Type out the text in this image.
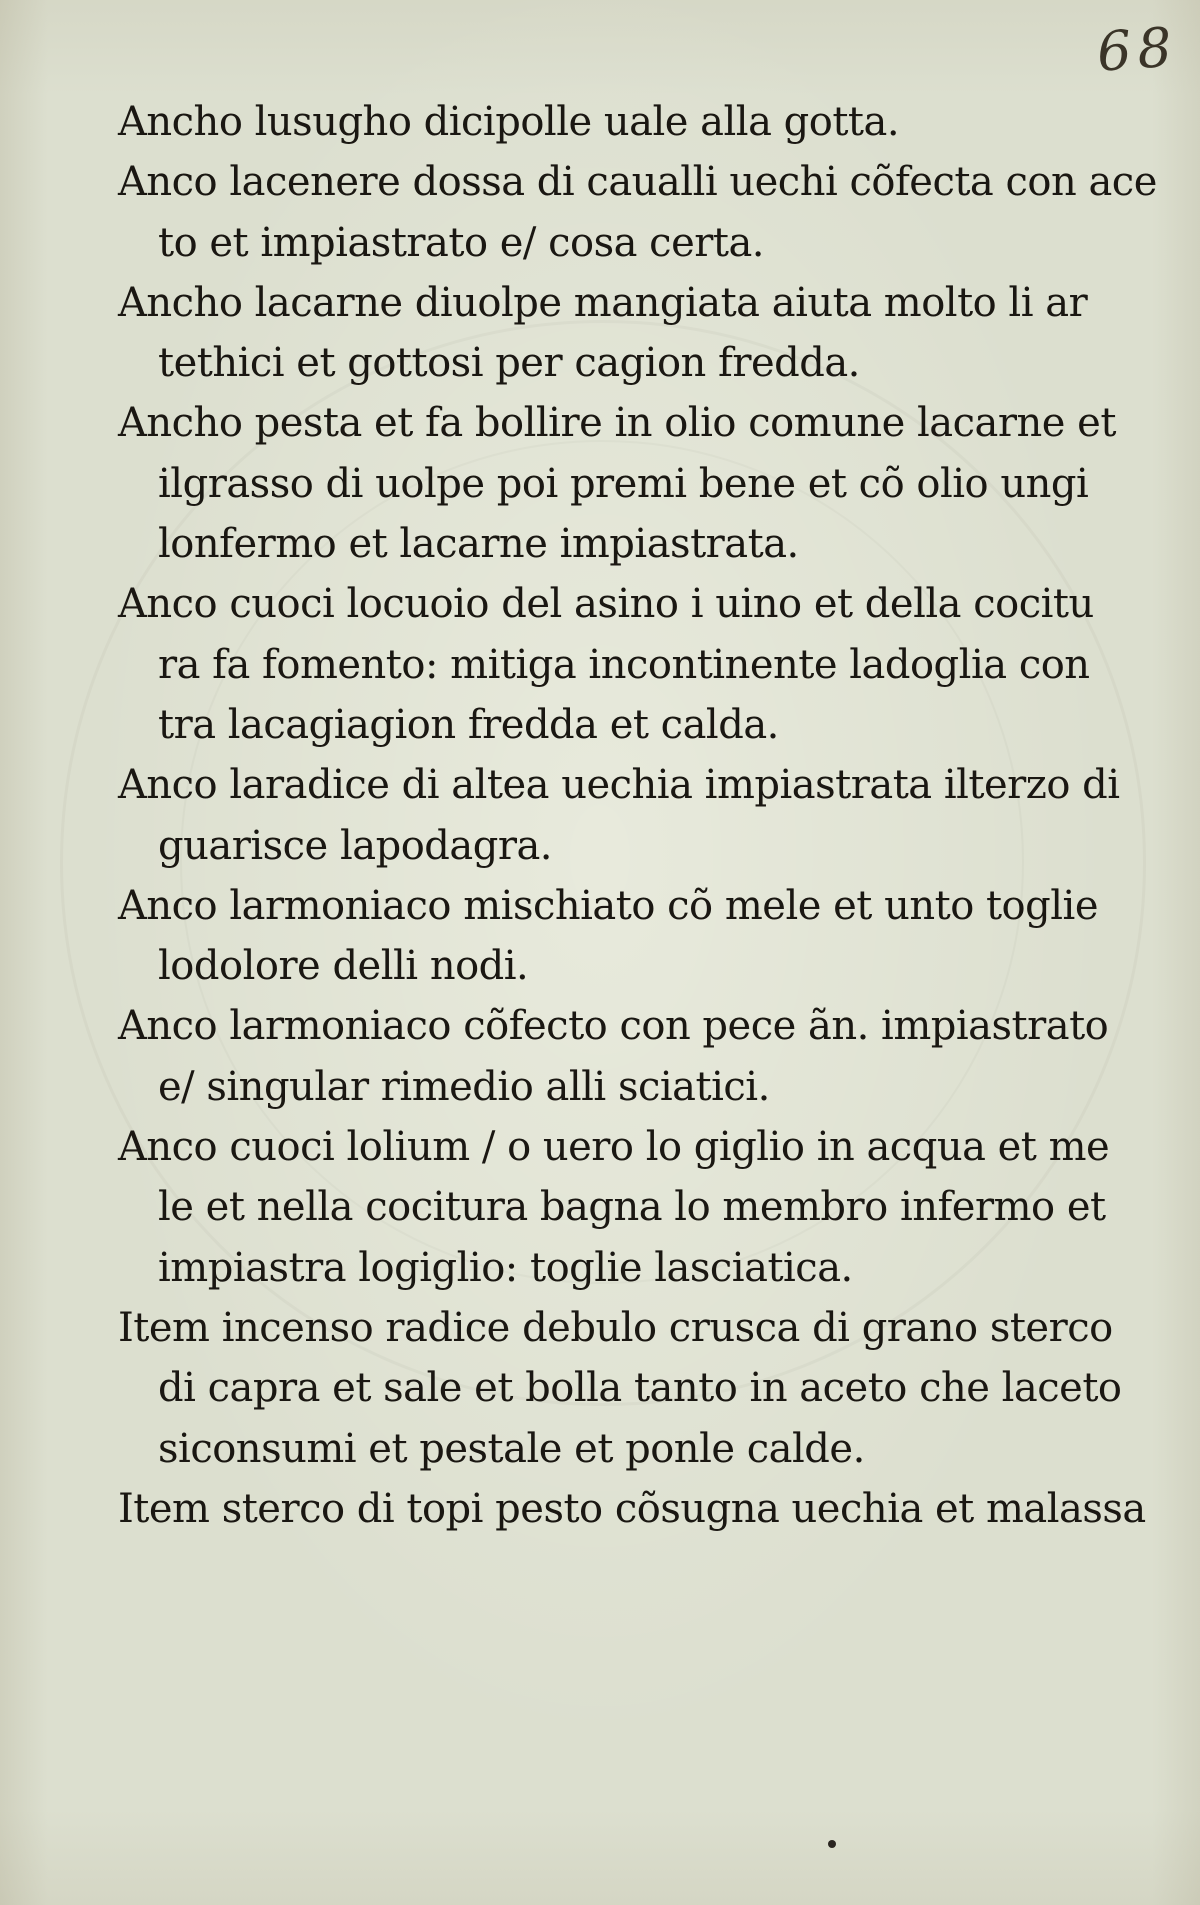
68
Ancho lusugho dicipolle uale alla gotta.
Anco lacenere dossa di caualli uechi cõfecta con ace
to et impiastrato e/ cosa certa.
Ancho lacarne diuolpe mangiata aiuta molto li ar
tethici et gottosi per cagion fredda.
Ancho pesta et fa bollire in olio comune lacarne et
ilgrasso di uolpe poi premi bene et cõ olio ungi
lonfermo et lacarne impiastrata.
Anco cuoci locuoio del asino i uino et della cocitu
ra fa fomento: mitiga incontinente ladoglia con
tra lacagiagion fredda et calda.
Anco laradice di altea uechia impiastrata ilterzo di
guarisce lapodagra.
Anco larmoniaco mischiato cõ mele et unto toglie
lodolore delli nodi.
Anco larmoniaco cõfecto con pece ãn. impiastrato
e/ singular rimedio alli sciatici.
Anco cuoci lolium / o uero lo giglio in acqua et me
le et nella cocitura bagna lo membro infermo et
impiastra logiglio: toglie lasciatica.
Item incenso radice debulo crusca di grano sterco
di capra et sale et bolla tanto in aceto che laceto
siconsumi et pestale et ponle calde.
Item sterco di topi pesto cõsugna uechia et malassa
